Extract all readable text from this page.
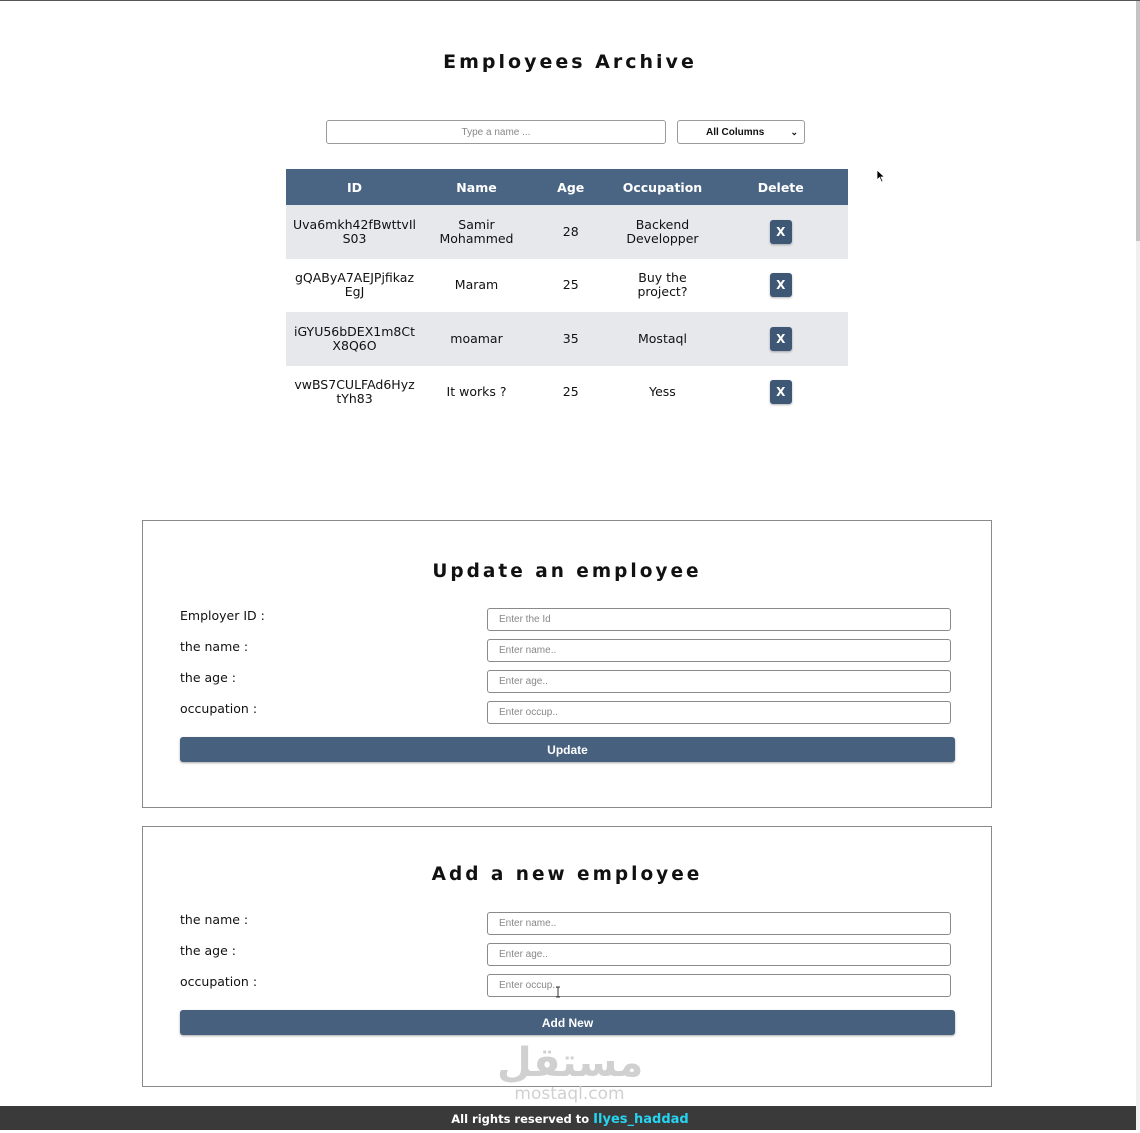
Employees Archive
Type a name ...
All Columns	⌄
ID	Name	Age	Occupation	Delete
Uva6mkh42fBwttvIlS03	Samir Mohammed	28	Backend Developper	X
gQAByA7AEJPjfikazEgJ	Maram	25	Buy the project?	X
iGYU56bDEX1m8CtX8Q6O	moamar	35	Mostaql	X
vwBS7CULFAd6HyztYh83	It works ?	25	Yess	X
Update an employee
Employer ID :
Enter the Id
the name :
Enter name..
the age :
Enter age..
occupation :
Enter occup..
Update
Add a new employee
the name :
Enter name..
the age :
Enter age..
occupation :
Enter occup..
Add New
مستقل
mostaql.com
All rights reserved to Ilyes_haddad
